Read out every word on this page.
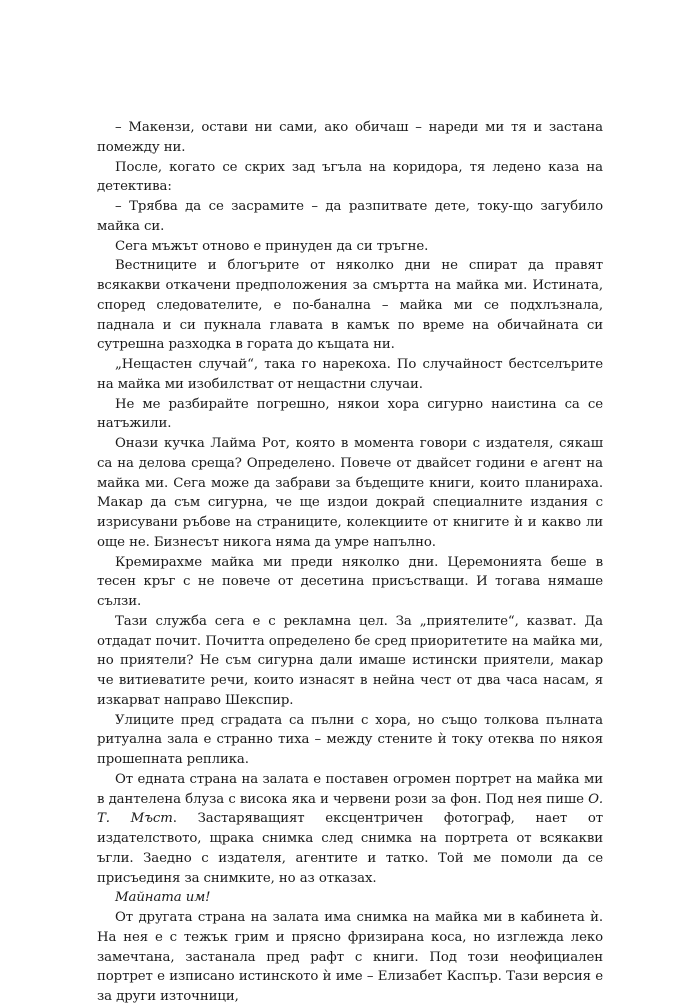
– Макензи, остави ни сами, ако обичаш – нареди ми тя и застана помежду ни.

После, когато се скрих зад ъгъла на коридора, тя ледено каза на детектива:

– Трябва да се засрамите – да разпитвате дете, току-що загубило майка си.

Сега мъжът отново е принуден да си тръгне.

Вестниците и блогърите от няколко дни не спират да правят всякакви откачени предположения за смъртта на майка ми. Истината, според следователите, е по-банална – майка ми се подхлъзнала, паднала и си пукнала главата в камък по време на обичайната си сутрешна разходка в гората до къщата ни.

„Нещастен случай“, така го нарекоха. По случайност бестселърите на майка ми изобилстват от нещастни случаи.

Не ме разбирайте погрешно, някои хора сигурно наистина са се натъжили.

Онази кучка Лайма Рот, която в момента говори с издателя, сякаш са на делова среща? Определено. Повече от двайсет години е агент на майка ми. Сега може да забрави за бъдещите книги, които планираха. Макар да съм сигурна, че ще издои докрай специалните издания с изрисувани ръбове на страниците, колекциите от книгите ѝ и какво ли още не. Бизнесът никога няма да умре напълно.

Кремирахме майка ми преди няколко дни. Церемонията беше в тесен кръг с не повече от десетина присъстващи. И тогава нямаше сълзи.

Тази служба сега е с рекламна цел. За „приятелите“, казват. Да отдадат почит. Почитта определено бе сред приоритетите на майка ми, но приятели? Не съм сигурна дали имаше истински приятели, макар че витиеватите речи, които изнасят в нейна чест от два часа насам, я изкарват направо Шекспир.

Улиците пред сградата са пълни с хора, но също толкова пълната ритуална зала е странно тиха – между стените ѝ току отеква по някоя прошепната реплика.

От едната страна на залата е поставен огромен портрет на майка ми в дантелена блуза с висока яка и червени рози за фон. Под нея пише О. Т. Мъст. Застаряващият ексцентричен фотограф, нает от издателството, щрака снимка след снимка на портрета от всякакви ъгли. Заедно с издателя, агентите и татко. Той ме помоли да се присъединя за снимките, но аз отказах.

Майната им!

От другата страна на залата има снимка на майка ми в кабинета ѝ. На нея е с тежък грим и прясно фризирана коса, но изглежда леко замечтана, застанала пред рафт с книги. Под този неофициален портрет е изписано истинското ѝ име – Елизабет Каспър. Тази версия е за други източници,
